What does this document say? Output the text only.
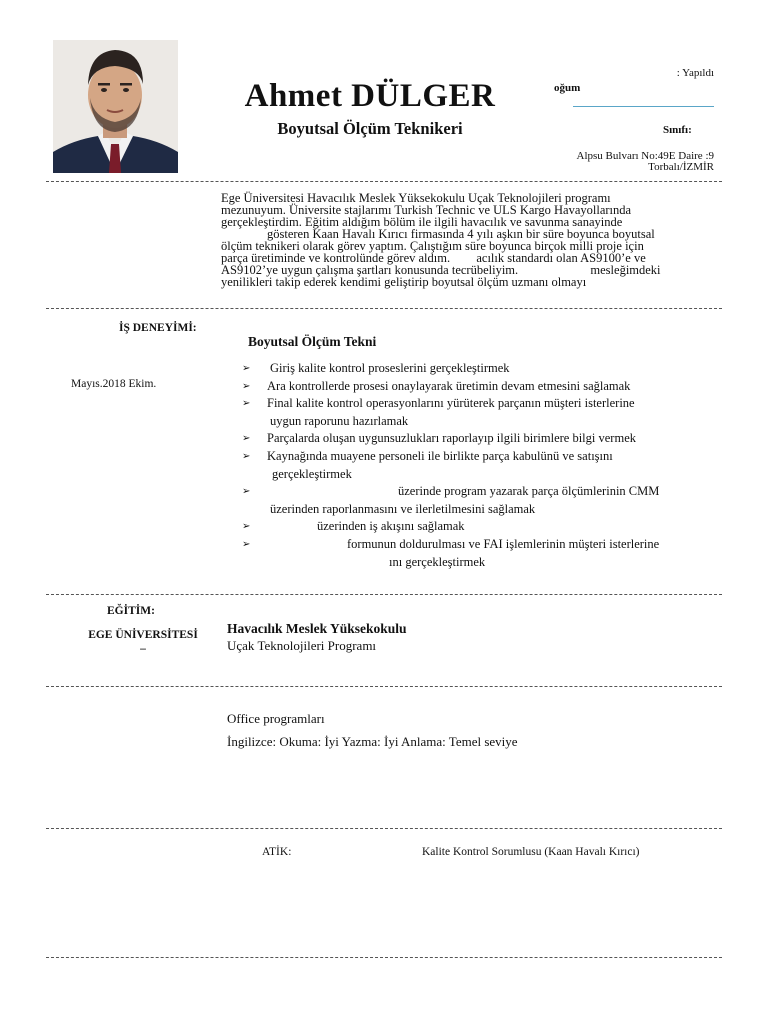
Ahmet DÜLGER
Boyutsal Ölçüm Teknikeri
: Yapıldı
oğum
Sınıfı:
Alpsu Bulvarı No:49E Daire :9
Torbalı/İZMİR

Ege Üniversitesi Havacılık Meslek Yüksekokulu Uçak Teknolojileri programı

mezunuyum. Üniversite stajlarımı Turkish Technic ve ULS Kargo Havayollarında

gerçekleştirdim. Eğitim aldığım bölüm ile ilgili havacılık ve savunma sanayinde

gösteren Kaan Havalı Kırıcı firmasında 4 yılı aşkın bir süre boyunca boyutsal

ölçüm teknikeri olarak görev yaptım. Çalıştığım süre boyunca birçok milli proje için

parça üretiminde ve kontrolünde görev aldım. acılık standardı olan AS9100’e ve

AS9102’ye uygun çalışma şartları konusunda tecrübeliyim.	mesleğimdeki

yenilikleri takip ederek kendimi geliştirip boyutsal ölçüm uzmanı olmayı

İŞ DENEYİMİ:
Mayıs.2018 Ekim.
Boyutsal Ölçüm Tekni
➢ Giriş kalite kontrol proseslerini gerçekleştirmek
➢ Ara kontrollerde prosesi onaylayarak üretimin devam etmesini sağlamak
➢ Final kalite kontrol operasyonlarını yürüterek parçanın müşteri isterlerine
uygun raporunu hazırlamak
➢ Parçalarda oluşan uygunsuzlukları raporlayıp ilgili birimlere bilgi vermek
➢ Kaynağında muayene personeli ile birlikte parça kabulünü ve satışını
gerçekleştirmek
➢	üzerinde program yazarak parça ölçümlerinin CMM
üzerinden raporlanmasını ve ilerletilmesini sağlamak
➢	üzerinden iş akışını sağlamak
➢	formunun doldurulması ve FAI işlemlerinin müşteri isterlerine
ını gerçekleştirmek
EĞİTİM:
EGE ÜNİVERSİTESİ
–
Havacılık Meslek Yüksekokulu
Uçak Teknolojileri Programı
Office programları
İngilizce: Okuma: İyi Yazma: İyi Anlama: Temel seviye
ATİK:	Kalite Kontrol Sorumlusu (Kaan Havalı Kırıcı)
